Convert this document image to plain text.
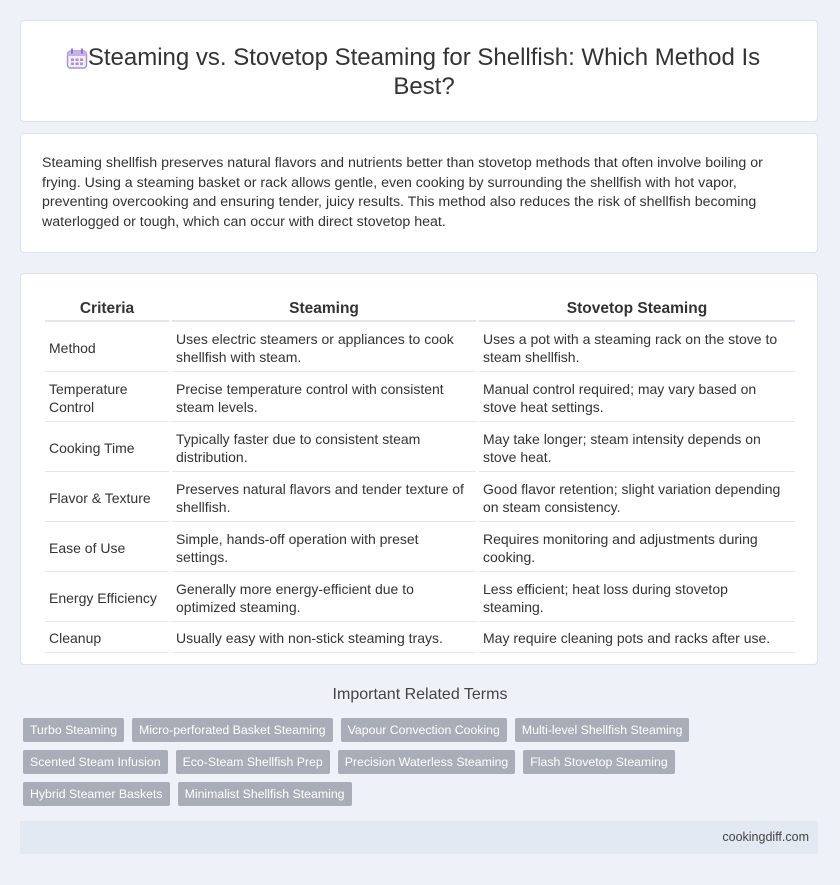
Steaming vs. Stovetop Steaming for Shellfish: Which Method Is Best?
Steaming shellfish preserves natural flavors and nutrients better than stovetop methods that often involve boiling or frying. Using a steaming basket or rack allows gentle, even cooking by surrounding the shellfish with hot vapor, preventing overcooking and ensuring tender, juicy results. This method also reduces the risk of shellfish becoming waterlogged or tough, which can occur with direct stovetop heat.
Criteria	Steaming	Stovetop Steaming
Method	Uses electric steamers or appliances to cook shellfish with steam.	Uses a pot with a steaming rack on the stove to steam shellfish.
Temperature Control	Precise temperature control with consistent steam levels.	Manual control required; may vary based on stove heat settings.
Cooking Time	Typically faster due to consistent steam distribution.	May take longer; steam intensity depends on stove heat.
Flavor & Texture	Preserves natural flavors and tender texture of shellfish.	Good flavor retention; slight variation depending on steam consistency.
Ease of Use	Simple, hands-off operation with preset settings.	Requires monitoring and adjustments during cooking.
Energy Efficiency	Generally more energy-efficient due to optimized steaming.	Less efficient; heat loss during stovetop steaming.
Cleanup	Usually easy with non-stick steaming trays.	May require cleaning pots and racks after use.
Important Related Terms
Turbo Steaming	Micro-perforated Basket Steaming	Vapour Convection Cooking	Multi-level Shellfish Steaming
Scented Steam Infusion	Eco-Steam Shellfish Prep	Precision Waterless Steaming	Flash Stovetop Steaming
Hybrid Steamer Baskets	Minimalist Shellfish Steaming
cookingdiff.com
